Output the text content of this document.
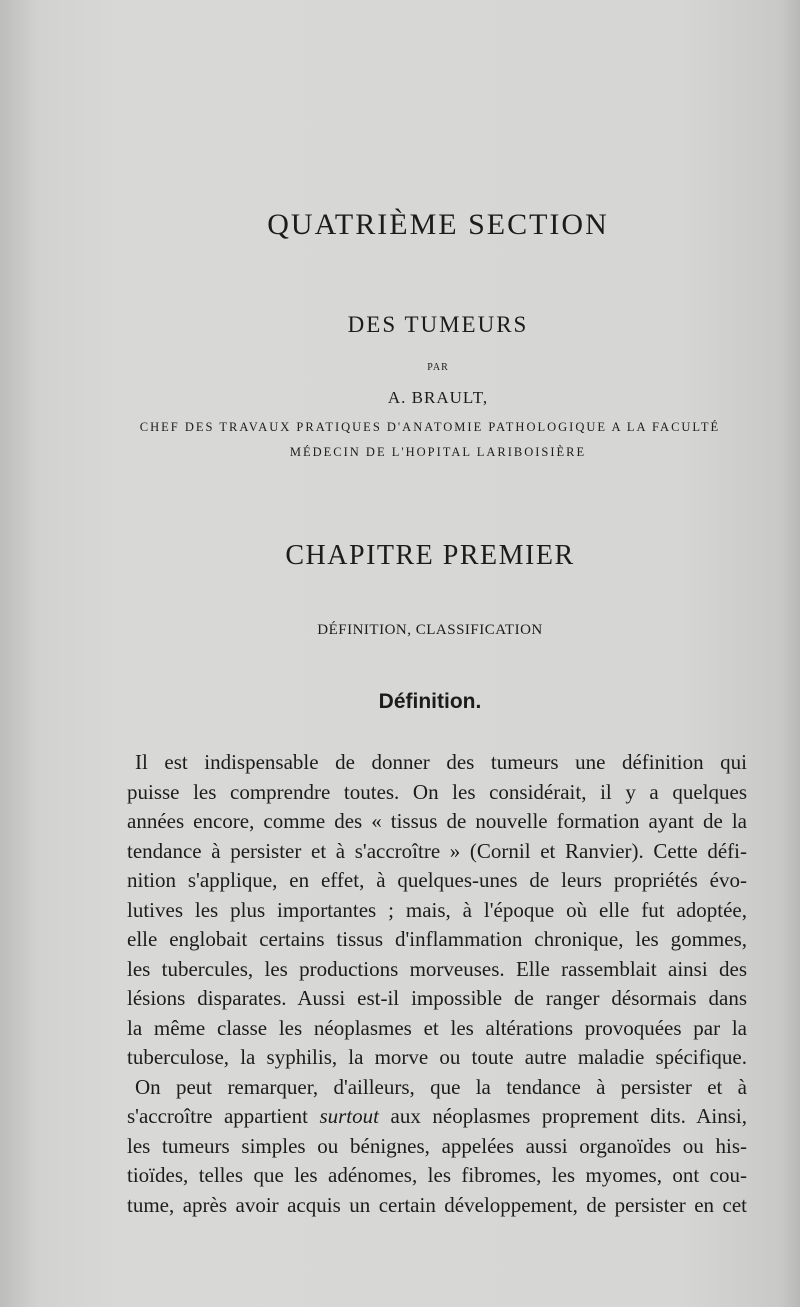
QUATRIÈME SECTION
DES TUMEURS
PAR
A. BRAULT,
CHEF DES TRAVAUX PRATIQUES D'ANATOMIE PATHOLOGIQUE A LA FACULTÉ
MÉDECIN DE L'HOPITAL LARIBOISIÈRE
CHAPITRE PREMIER
DÉFINITION, CLASSIFICATION
Définition.
Il est indispensable de donner des tumeurs une définition qui
puisse les comprendre toutes. On les considérait, il y a quelques
années encore, comme des « tissus de nouvelle formation ayant de la
tendance à persister et à s'accroître » (Cornil et Ranvier). Cette défi-
nition s'applique, en effet, à quelques-unes de leurs propriétés évo-
lutives les plus importantes ; mais, à l'époque où elle fut adoptée,
elle englobait certains tissus d'inflammation chronique, les gommes,
les tubercules, les productions morveuses. Elle rassemblait ainsi des
lésions disparates. Aussi est-il impossible de ranger désormais dans
la même classe les néoplasmes et les altérations provoquées par la
tuberculose, la syphilis, la morve ou toute autre maladie spécifique.
On peut remarquer, d'ailleurs, que la tendance à persister et à
s'accroître appartient surtout aux néoplasmes proprement dits. Ainsi,
les tumeurs simples ou bénignes, appelées aussi organoïdes ou his-
tioïdes, telles que les adénomes, les fibromes, les myomes, ont cou-
tume, après avoir acquis un certain développement, de persister en cet
